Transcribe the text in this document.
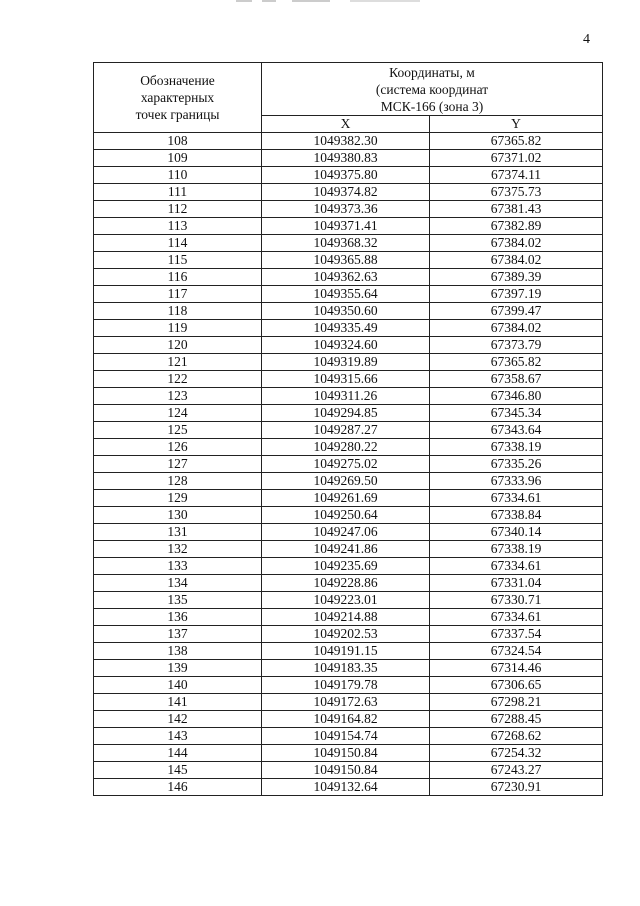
4
Обозначение
характерных
точек границы	Координаты, м
(система координат
МСК-166 (зона 3)	

	X	Y
108	1049382.30	67365.82
109	1049380.83	67371.02
110	1049375.80	67374.11
111	1049374.82	67375.73
112	1049373.36	67381.43
113	1049371.41	67382.89
114	1049368.32	67384.02
115	1049365.88	67384.02
116	1049362.63	67389.39
117	1049355.64	67397.19
118	1049350.60	67399.47
119	1049335.49	67384.02
120	1049324.60	67373.79
121	1049319.89	67365.82
122	1049315.66	67358.67
123	1049311.26	67346.80
124	1049294.85	67345.34
125	1049287.27	67343.64
126	1049280.22	67338.19
127	1049275.02	67335.26
128	1049269.50	67333.96
129	1049261.69	67334.61
130	1049250.64	67338.84
131	1049247.06	67340.14
132	1049241.86	67338.19
133	1049235.69	67334.61
134	1049228.86	67331.04
135	1049223.01	67330.71
136	1049214.88	67334.61
137	1049202.53	67337.54
138	1049191.15	67324.54
139	1049183.35	67314.46
140	1049179.78	67306.65
141	1049172.63	67298.21
142	1049164.82	67288.45
143	1049154.74	67268.62
144	1049150.84	67254.32
145	1049150.84	67243.27
146	1049132.64	67230.91
